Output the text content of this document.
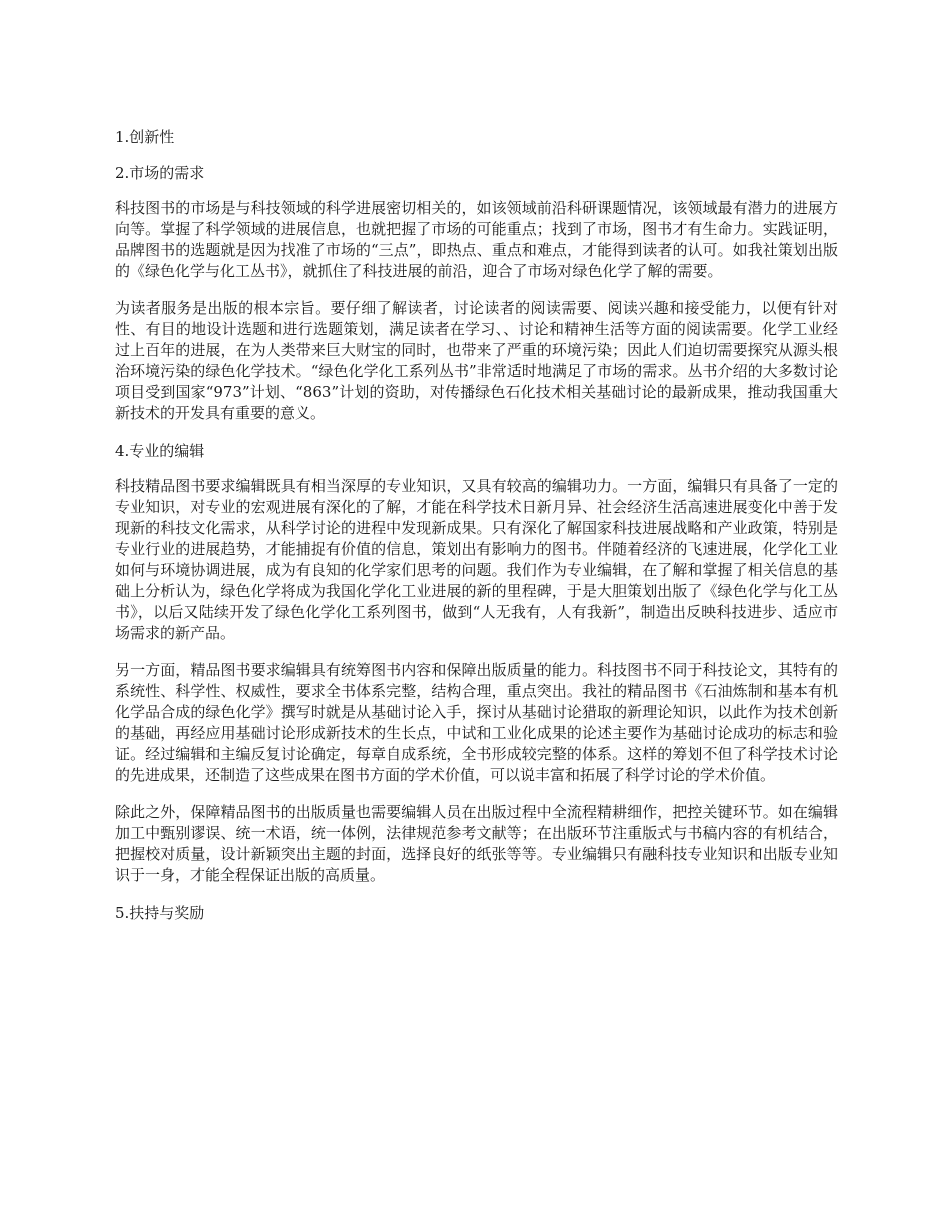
1.创新性
2.市场的需求
科技图书的市场是与科技领域的科学进展密切相关的，如该领域前沿科研课题情况，该领域最有潜力的进展方向等。掌握了科学领域的进展信息，也就把握了市场的可能重点；找到了市场，图书才有生命力。实践证明，品牌图书的选题就是因为找准了市场的“三点”，即热点、重点和难点，才能得到读者的认可。如我社策划出版的《绿色化学与化工丛书》，就抓住了科技进展的前沿，迎合了市场对绿色化学了解的需要。
为读者服务是出版的根本宗旨。要仔细了解读者，讨论读者的阅读需要、阅读兴趣和接受能力，以便有针对性、有目的地设计选题和进行选题策划，满足读者在学习、、讨论和精神生活等方面的阅读需要。化学工业经过上百年的进展，在为人类带来巨大财宝的同时，也带来了严重的环境污染；因此人们迫切需要探究从源头根治环境污染的绿色化学技术。“绿色化学化工系列丛书”非常适时地满足了市场的需求。丛书介绍的大多数讨论项目受到国家“973”计划、“863”计划的资助，对传播绿色石化技术相关基础讨论的最新成果，推动我国重大新技术的开发具有重要的意义。
4.专业的编辑
科技精品图书要求编辑既具有相当深厚的专业知识，又具有较高的编辑功力。一方面，编辑只有具备了一定的专业知识，对专业的宏观进展有深化的了解，才能在科学技术日新月异、社会经济生活高速进展变化中善于发现新的科技文化需求，从科学讨论的进程中发现新成果。只有深化了解国家科技进展战略和产业政策，特别是专业行业的进展趋势，才能捕捉有价值的信息，策划出有影响力的图书。伴随着经济的飞速进展，化学化工业如何与环境协调进展，成为有良知的化学家们思考的问题。我们作为专业编辑，在了解和掌握了相关信息的基础上分析认为，绿色化学将成为我国化学化工业进展的新的里程碑，于是大胆策划出版了《绿色化学与化工丛书》，以后又陆续开发了绿色化学化工系列图书，做到“人无我有，人有我新”，制造出反映科技进步、适应市场需求的新产品。
另一方面，精品图书要求编辑具有统筹图书内容和保障出版质量的能力。科技图书不同于科技论文，其特有的系统性、科学性、权威性，要求全书体系完整，结构合理，重点突出。我社的精品图书《石油炼制和基本有机化学品合成的绿色化学》撰写时就是从基础讨论入手，探讨从基础讨论猎取的新理论知识，以此作为技术创新的基础，再经应用基础讨论形成新技术的生长点，中试和工业化成果的论述主要作为基础讨论成功的标志和验证。经过编辑和主编反复讨论确定，每章自成系统，全书形成较完整的体系。这样的筹划不但了科学技术讨论的先进成果，还制造了这些成果在图书方面的学术价值，可以说丰富和拓展了科学讨论的学术价值。
除此之外，保障精品图书的出版质量也需要编辑人员在出版过程中全流程精耕细作，把控关键环节。如在编辑加工中甄别谬误、统一术语，统一体例，法律规范参考文献等；在出版环节注重版式与书稿内容的有机结合，把握校对质量，设计新颖突出主题的封面，选择良好的纸张等等。专业编辑只有融科技专业知识和出版专业知识于一身，才能全程保证出版的高质量。
5.扶持与奖励
